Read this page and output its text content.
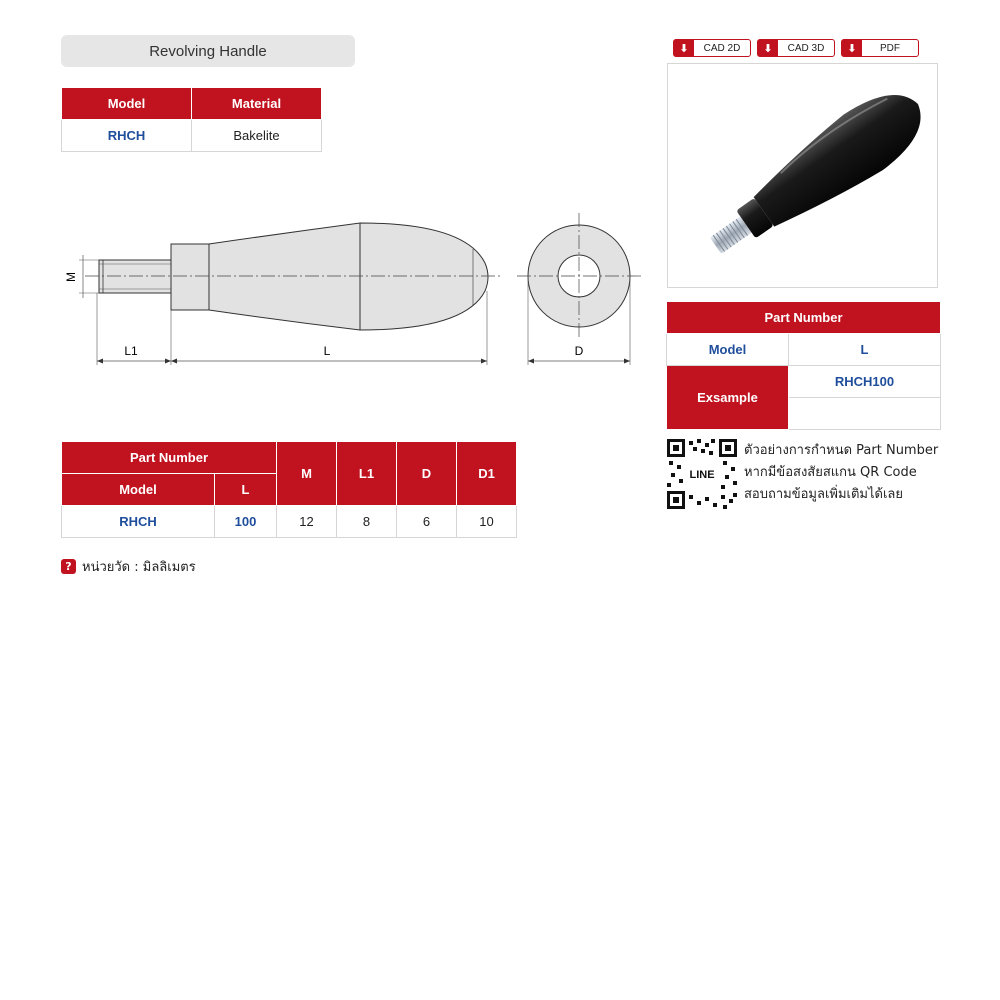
Revolving Handle
Model	Material
RHCH	Bakelite
M
L1	L	D
⬇	CAD 2D	⬇	CAD 3D	⬇	PDF
Part Number	
Model	L
Exsample	RHCH100

LINE
ตัวอย่างการกำหนด Part Number
หากมีข้อสงสัยสแกน QR Code
สอบถามข้อมูลเพิ่มเติมได้เลย
Part Number		M	L1	D	D1
Model	L				
RHCH	100	12	8	6	10
? หน่วยวัด : มิลลิเมตร
